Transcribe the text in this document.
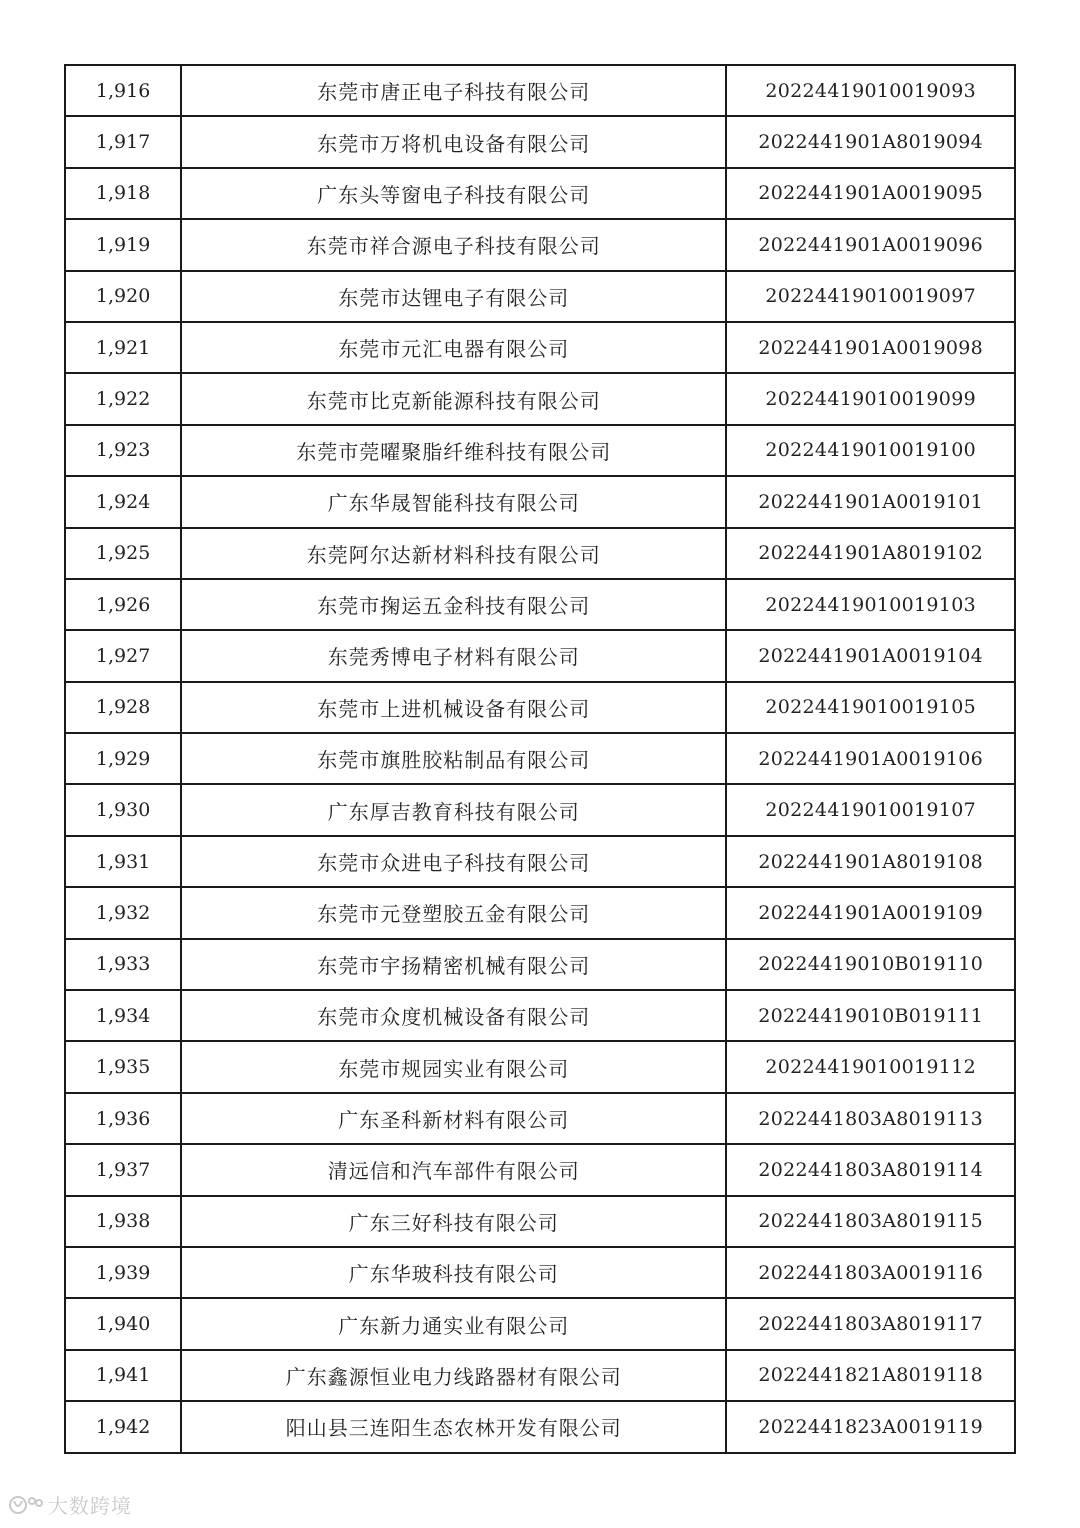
1,916	东莞市唐正电子科技有限公司	20224419010019093
1,917	东莞市万将机电设备有限公司	2022441901A8019094
1,918	广东头等窗电子科技有限公司	2022441901A0019095
1,919	东莞市祥合源电子科技有限公司	2022441901A0019096
1,920	东莞市达锂电子有限公司	20224419010019097
1,921	东莞市元汇电器有限公司	2022441901A0019098
1,922	东莞市比克新能源科技有限公司	20224419010019099
1,923	东莞市莞曜聚脂纤维科技有限公司	20224419010019100
1,924	广东华晟智能科技有限公司	2022441901A0019101
1,925	东莞阿尔达新材料科技有限公司	2022441901A8019102
1,926	东莞市掬运五金科技有限公司	20224419010019103
1,927	东莞秀博电子材料有限公司	2022441901A0019104
1,928	东莞市上进机械设备有限公司	20224419010019105
1,929	东莞市旗胜胶粘制品有限公司	2022441901A0019106
1,930	广东厚吉教育科技有限公司	20224419010019107
1,931	东莞市众进电子科技有限公司	2022441901A8019108
1,932	东莞市元登塑胶五金有限公司	2022441901A0019109
1,933	东莞市宇扬精密机械有限公司	20224419010B019110
1,934	东莞市众度机械设备有限公司	20224419010B019111
1,935	东莞市规园实业有限公司	20224419010019112
1,936	广东圣科新材料有限公司	2022441803A8019113
1,937	清远信和汽车部件有限公司	2022441803A8019114
1,938	广东三好科技有限公司	2022441803A8019115
1,939	广东华玻科技有限公司	2022441803A0019116
1,940	广东新力通实业有限公司	2022441803A8019117
1,941	广东鑫源恒业电力线路器材有限公司	2022441821A8019118
1,942	阳山县三连阳生态农林开发有限公司	2022441823A0019119
大数跨境
